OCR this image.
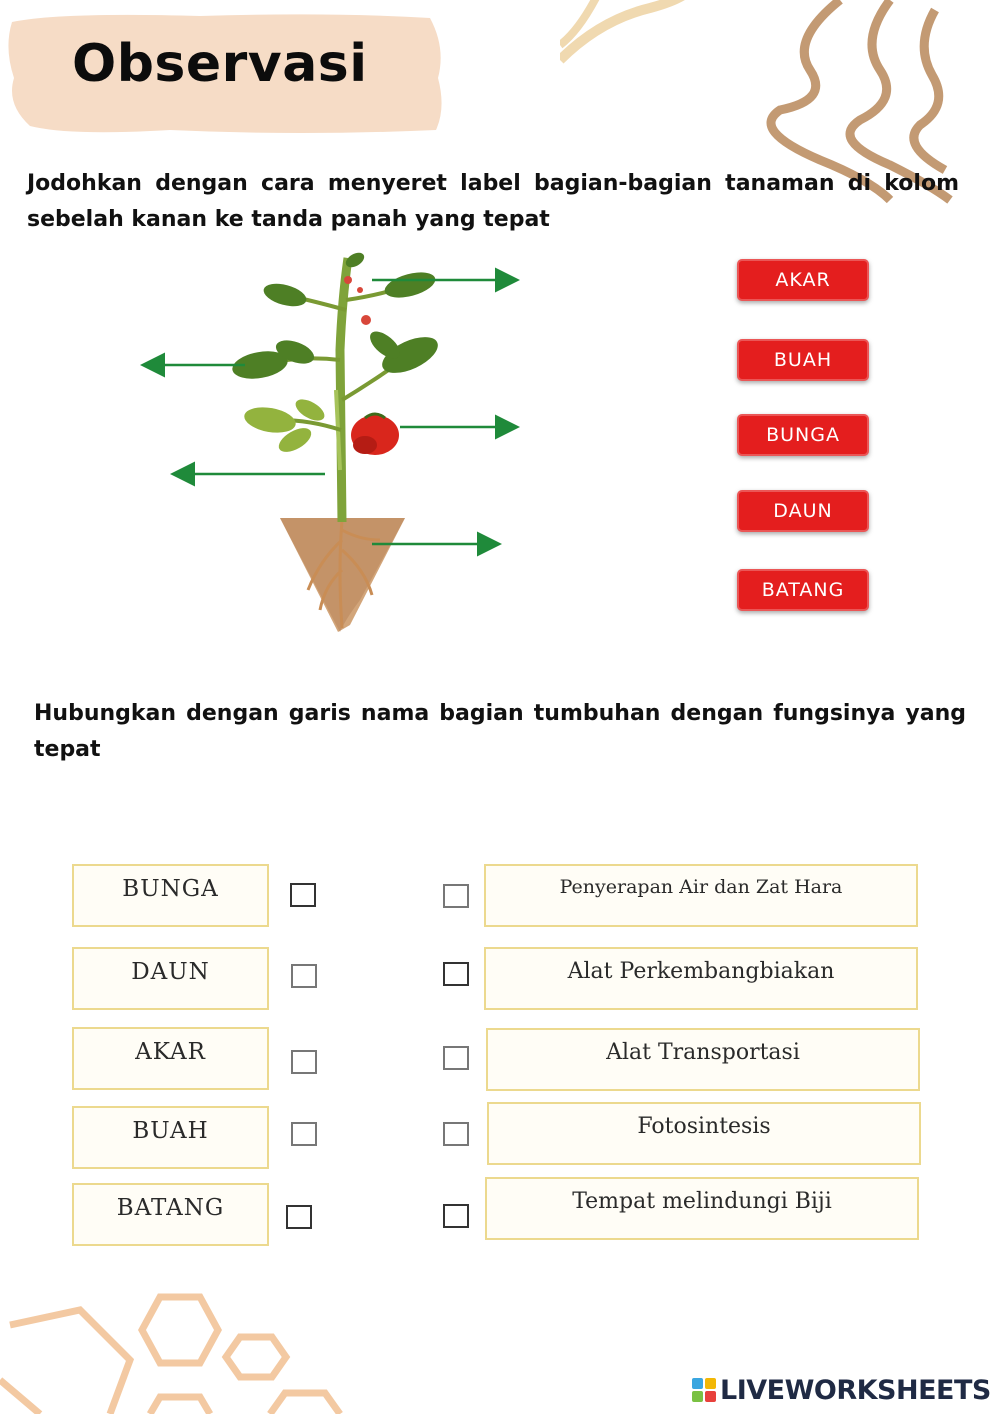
Observasi
Jodohkan dengan cara menyeret label bagian-bagian tanaman di kolom sebelah kanan ke tanda panah yang tepat
AKAR
BUAH
BUNGA
DAUN
BATANG
Hubungkan dengan garis nama bagian tumbuhan dengan fungsinya yang tepat
BUNGA
DAUN
AKAR
BUAH
BATANG
Penyerapan Air dan Zat Hara
Alat Perkembangbiakan
Alat Transportasi
Fotosintesis
Tempat melindungi Biji
LIVEWORKSHEETS
